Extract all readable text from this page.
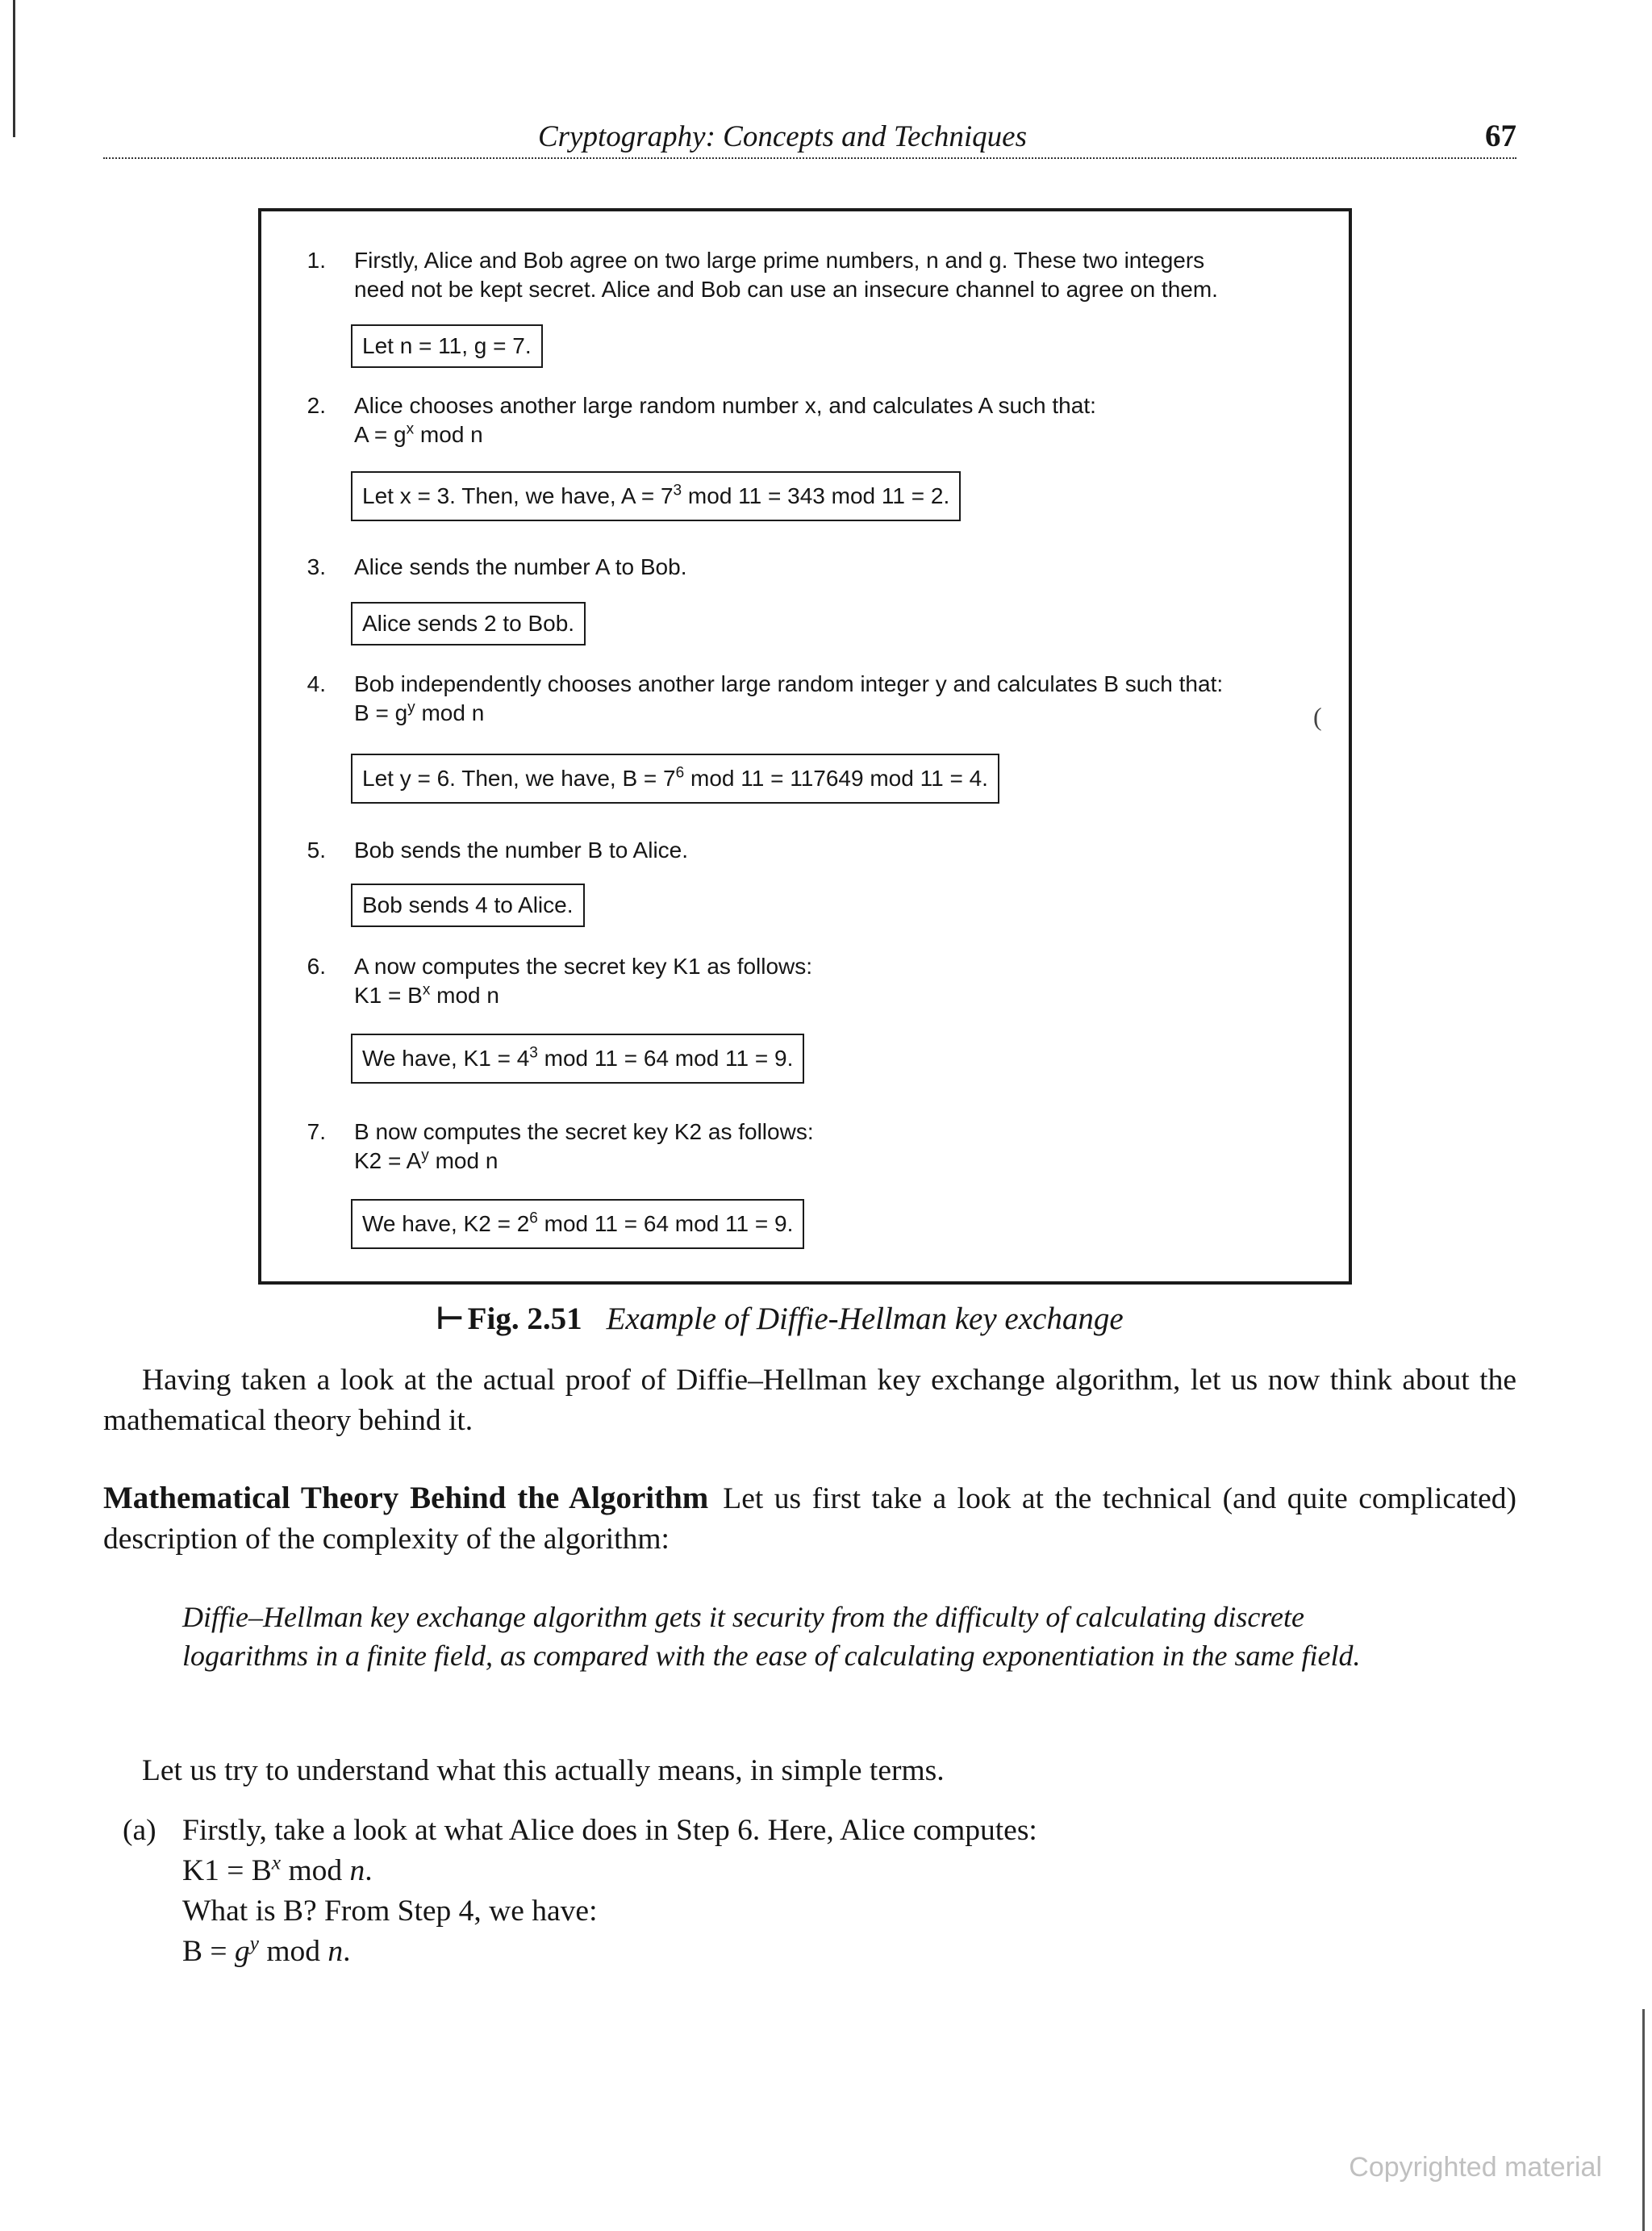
Cryptography: Concepts and Techniques	67
1. Firstly, Alice and Bob agree on two large prime numbers, n and g. These two integers
need not be kept secret. Alice and Bob can use an insecure channel to agree on them.
Let n = 11, g = 7.
2. Alice chooses another large random number x, and calculates A such that:
$A = g^x$ mod n
Let x = 3. Then, we have, $A = 7^3$ mod 11 = 343 mod 11 = 2.
3. Alice sends the number A to Bob.
Alice sends 2 to Bob.
4. Bob independently chooses another large random integer y and calculates B such that:
$B = g^y$ mod n	(
Let y = 6. Then, we have, $B = 7^6$ mod 11 = 117649 mod 11 = 4.
5. Bob sends the number B to Alice.
Bob sends 4 to Alice.
6. A now computes the secret key K1 as follows:
$K1 = B^x$ mod n
We have, $K1 = 4^3$ mod 11 = 64 mod 11 = 9.
7. B now computes the secret key K2 as follows:
$K2 = A^y$ mod n
We have, $K2 = 2^6$ mod 11 = 64 mod 11 = 9.
⊢ Fig. 2.51 Example of Diffie-Hellman key exchange
Having taken a look at the actual proof of Diffie–Hellman key exchange algorithm, let us now think about the mathematical theory behind it.
Mathematical Theory Behind the Algorithm Let us first take a look at the technical (and quite complicated) description of the complexity of the algorithm:
Diffie–Hellman key exchange algorithm gets it security from the difficulty of calculating discrete logarithms in a finite field, as compared with the ease of calculating exponentiation in the same field.
Let us try to understand what this actually means, in simple terms.
(a) Firstly, take a look at what Alice does in Step 6. Here, Alice computes:
$K1 = B^x$ mod n.
What is B? From Step 4, we have:
$B = g^y$ mod n.
Copyrighted material
